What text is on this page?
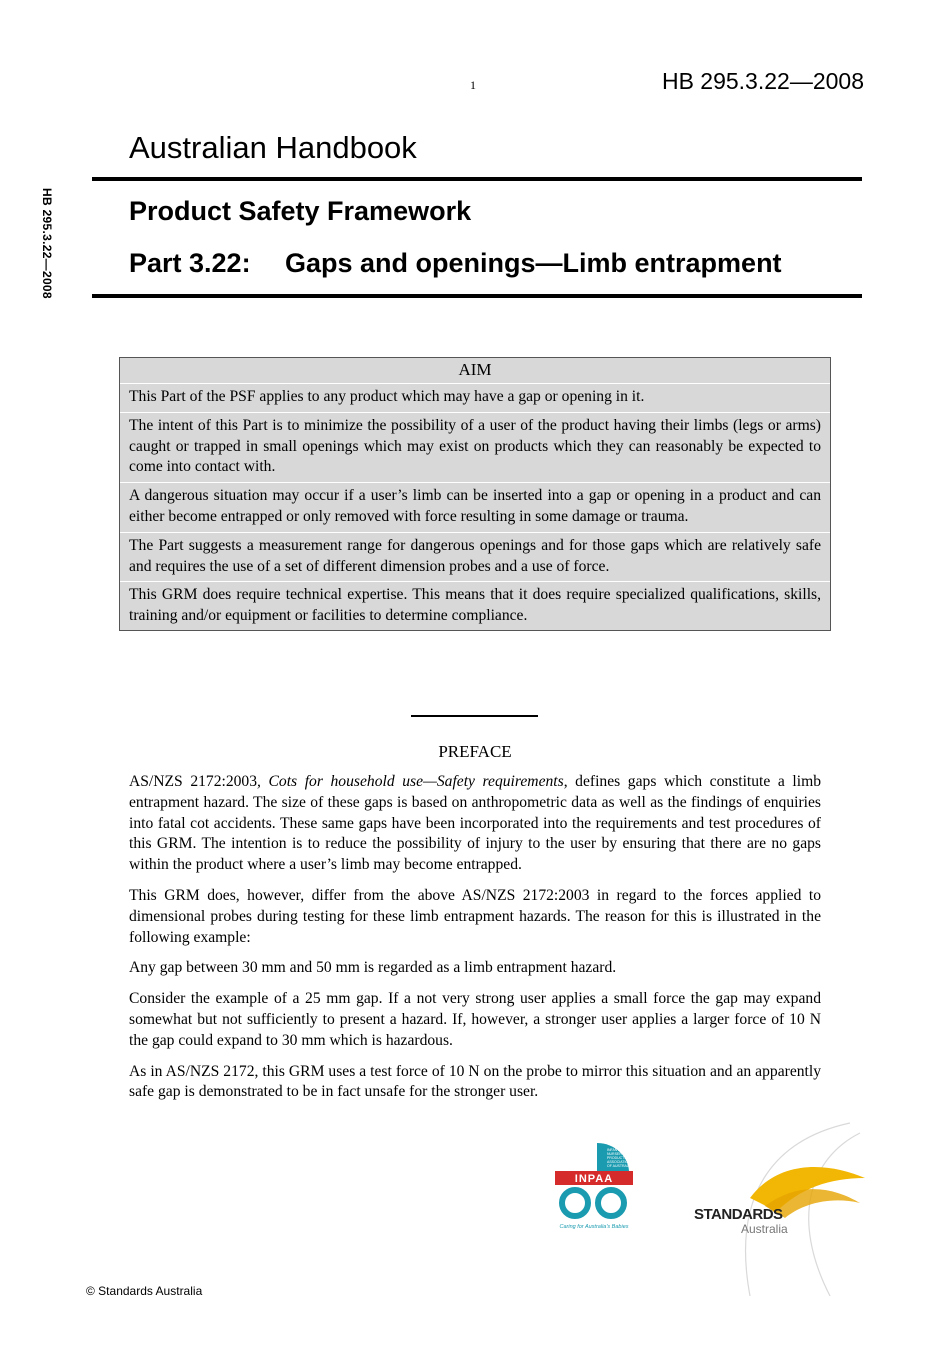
1	HB 295.3.22—2008
HB 295.3.22—2008
Australian Handbook
Product Safety Framework
Part 3.22: Gaps and openings—Limb entrapment
AIM
This Part of the PSF applies to any product which may have a gap or opening in it.
The intent of this Part is to minimize the possibility of a user of the product having their limbs (legs or arms) caught or trapped in small openings which may exist on products which they can reasonably be expected to come into contact with.
A dangerous situation may occur if a user’s limb can be inserted into a gap or opening in a product and can either become entrapped or only removed with force resulting in some damage or trauma.
The Part suggests a measurement range for dangerous openings and for those gaps which are relatively safe and requires the use of a set of different dimension probes and a use of force.
This GRM does require technical expertise. This means that it does require specialized qualifications, skills, training and/or equipment or facilities to determine compliance.
PREFACE

AS/NZS 2172:2003, Cots for household use—Safety requirements, defines gaps which constitute a limb entrapment hazard. The size of these gaps is based on anthropometric data as well as the findings of enquiries into fatal cot accidents. These same gaps have been incorporated into the requirements and test procedures of this GRM. The intention is to reduce the possibility of injury to the user by ensuring that there are no gaps within the product where a user’s limb may become entrapped.

This GRM does, however, differ from the above AS/NZS 2172:2003 in regard to the forces applied to dimensional probes during testing for these limb entrapment hazards. The reason for this is illustrated in the following example:

Any gap between 30 mm and 50 mm is regarded as a limb entrapment hazard.

Consider the example of a 25 mm gap. If a not very strong user applies a small force the gap may expand somewhat but not sufficiently to present a hazard. If, however, a stronger user applies a larger force of 10 N the gap could expand to 30 mm which is hazardous.

As in AS/NZS 2172, this GRM uses a test force of 10 N on the probe to mirror this situation and an apparently safe gap is demonstrated to be in fact unsafe for the stronger user.

INFANT & NURSERY PRODUCTS ASSOCIATION OF AUSTRALIA
INPAA
Caring for Australia's Babies
STANDARDS
Australia
© Standards Australia
